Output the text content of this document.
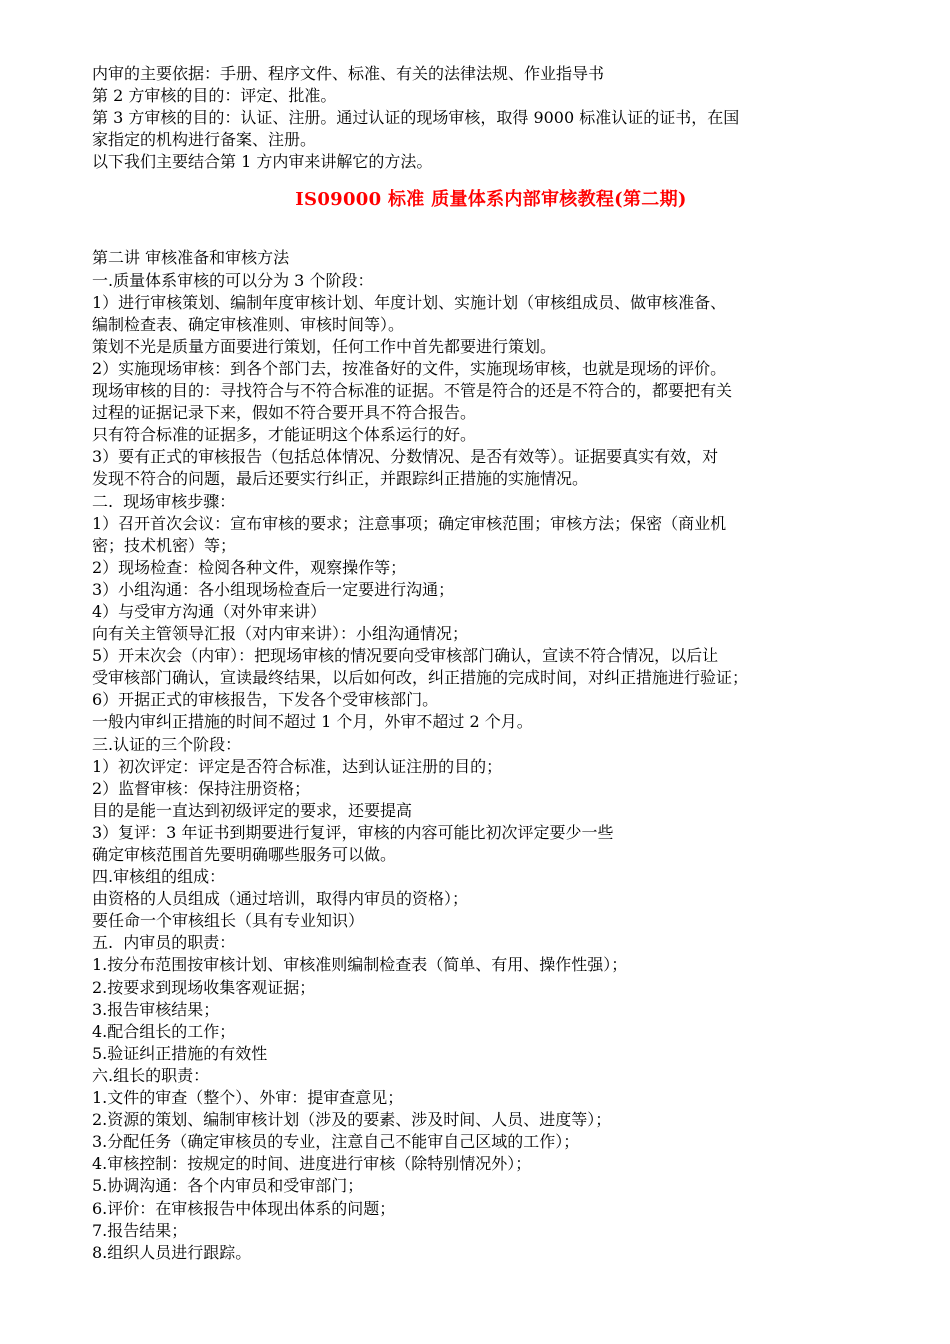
内审的主要依据：手册、程序文件、标准、有关的法律法规、作业指导书

第 2 方审核的目的：评定、批准。

第 3 方审核的目的：认证、注册。通过认证的现场审核，取得 9000 标准认证的证书，在国

家指定的机构进行备案、注册。

以下我们主要结合第 1 方内审来讲解它的方法。

IS09000 标准 质量体系内部审核教程(第二期)

第二讲 审核准备和审核方法

一.质量体系审核的可以分为 3 个阶段：

1）进行审核策划、编制年度审核计划、年度计划、实施计划（审核组成员、做审核准备、

编制检查表、确定审核准则、审核时间等）。

策划不光是质量方面要进行策划，任何工作中首先都要进行策划。

2）实施现场审核：到各个部门去，按准备好的文件，实施现场审核，也就是现场的评价。

现场审核的目的：寻找符合与不符合标准的证据。不管是符合的还是不符合的，都要把有关

过程的证据记录下来，假如不符合要开具不符合报告。

只有符合标准的证据多，才能证明这个体系运行的好。

3）要有正式的审核报告（包括总体情况、分数情况、是否有效等）。证据要真实有效，对

发现不符合的问题，最后还要实行纠正，并跟踪纠正措施的实施情况。

二.  现场审核步骤：

1）召开首次会议：宣布审核的要求；注意事项；确定审核范围；审核方法；保密（商业机

密；技术机密）等；

2）现场检查：检阅各种文件，观察操作等；

3）小组沟通：各小组现场检查后一定要进行沟通；

4）与受审方沟通（对外审来讲）

向有关主管领导汇报（对内审来讲）：小组沟通情况；

5）开末次会（内审）：把现场审核的情况要向受审核部门确认，宣读不符合情况，以后让

受审核部门确认，宣读最终结果，以后如何改，纠正措施的完成时间，对纠正措施进行验证；

6）开据正式的审核报告，下发各个受审核部门。

一般内审纠正措施的时间不超过 1 个月，外审不超过 2 个月。

三.认证的三个阶段：

1）初次评定：评定是否符合标准，达到认证注册的目的；

2）监督审核：保持注册资格；

目的是能一直达到初级评定的要求，还要提高

3）复评：3 年证书到期要进行复评，审核的内容可能比初次评定要少一些

确定审核范围首先要明确哪些服务可以做。

四.审核组的组成：

由资格的人员组成（通过培训，取得内审员的资格）；

要任命一个审核组长（具有专业知识）

五.  内审员的职责：

1.按分布范围按审核计划、审核准则编制检查表（简单、有用、操作性强）；

2.按要求到现场收集客观证据；

3.报告审核结果；

4.配合组长的工作；

5.验证纠正措施的有效性

六.组长的职责：

1.文件的审查（整个）、外审：提审查意见；

2.资源的策划、编制审核计划（涉及的要素、涉及时间、人员、进度等）；

3.分配任务（确定审核员的专业，注意自己不能审自己区域的工作）；

4.审核控制：按规定的时间、进度进行审核（除特别情况外）；

5.协调沟通：各个内审员和受审部门；

6.评价：在审核报告中体现出体系的问题；

7.报告结果；

8.组织人员进行跟踪。
